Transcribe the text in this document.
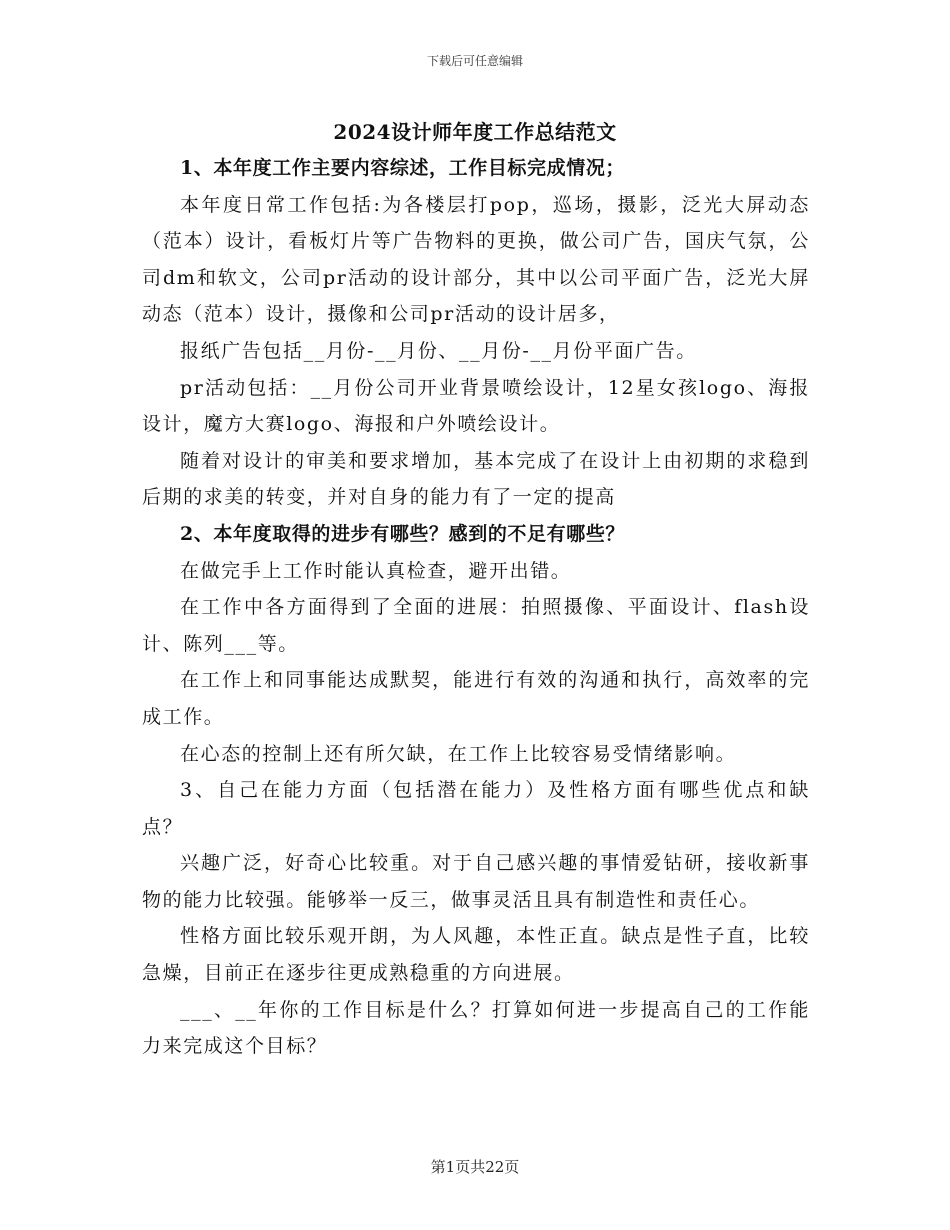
下载后可任意编辑
2024设计师年度工作总结范文

1、本年度工作主要内容综述，工作目标完成情况；

本年度日常工作包括:为各楼层打pop，巡场，摄影，泛光大屏动态（范本）设计，看板灯片等广告物料的更换，做公司广告，国庆气氛，公司dm和软文，公司pr活动的设计部分，其中以公司平面广告，泛光大屏动态（范本）设计，摄像和公司pr活动的设计居多，

报纸广告包括__月份-__月份、__月份-__月份平面广告。

pr活动包括：__月份公司开业背景喷绘设计，12星女孩logo、海报设计，魔方大赛logo、海报和户外喷绘设计。

随着对设计的审美和要求增加，基本完成了在设计上由初期的求稳到后期的求美的转变，并对自身的能力有了一定的提高

2、本年度取得的进步有哪些？感到的不足有哪些？

在做完手上工作时能认真检查，避开出错。

在工作中各方面得到了全面的进展：拍照摄像、平面设计、flash设计、陈列___等。

在工作上和同事能达成默契，能进行有效的沟通和执行，高效率的完成工作。

在心态的控制上还有所欠缺，在工作上比较容易受情绪影响。

3、自己在能力方面（包括潜在能力）及性格方面有哪些优点和缺点？

兴趣广泛，好奇心比较重。对于自己感兴趣的事情爱钻研，接收新事物的能力比较强。能够举一反三，做事灵活且具有制造性和责任心。

性格方面比较乐观开朗，为人风趣，本性正直。缺点是性子直，比较急燥，目前正在逐步往更成熟稳重的方向进展。

___、__年你的工作目标是什么？打算如何进一步提高自己的工作能力来完成这个目标？

第1页共22页
